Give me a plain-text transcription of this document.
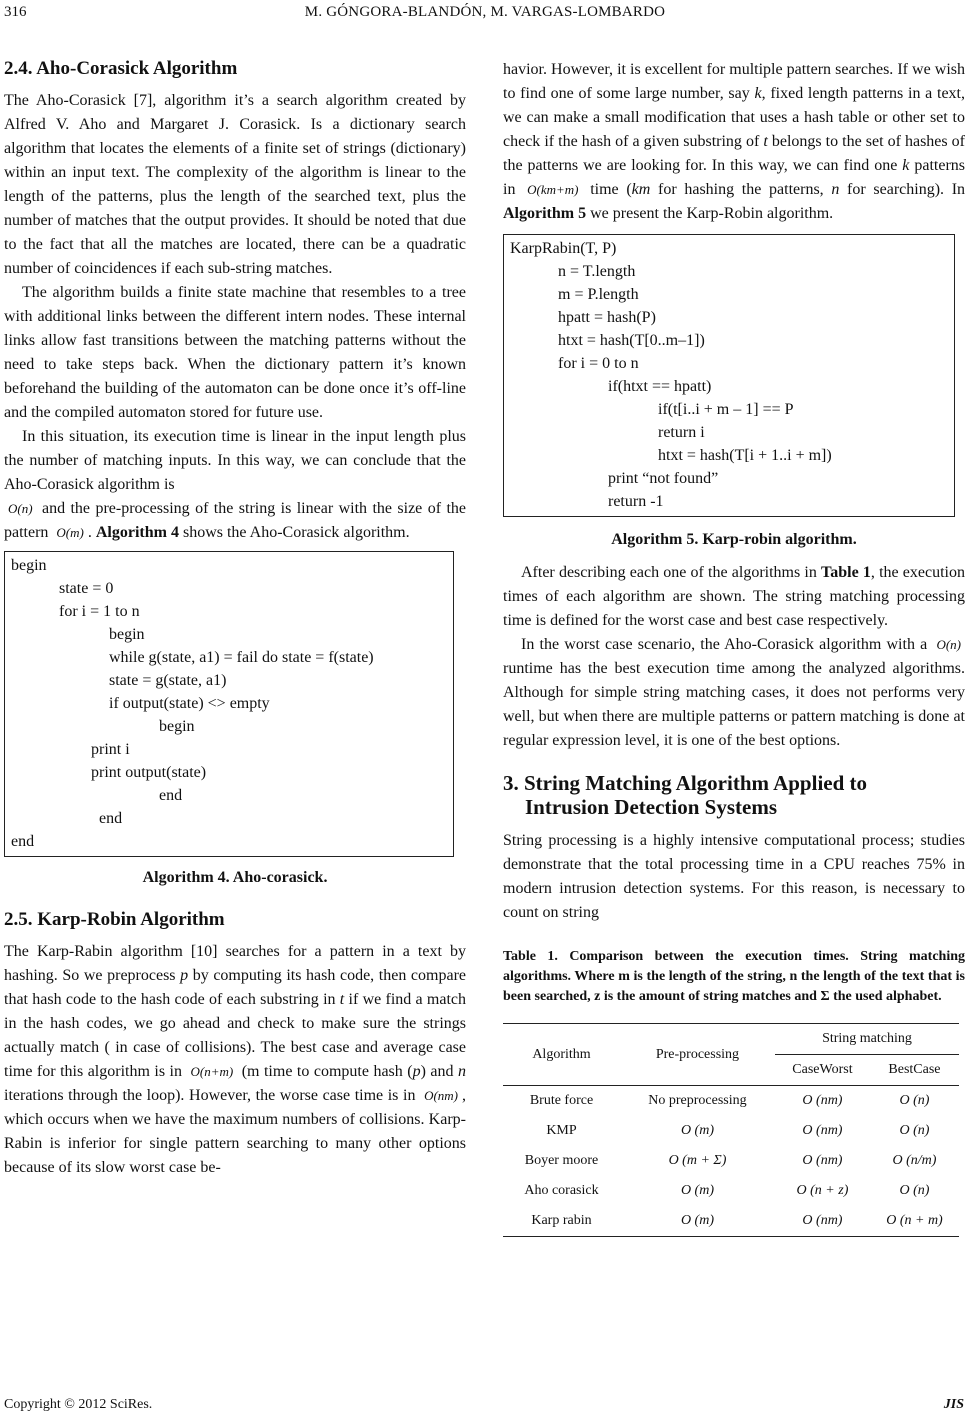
316	M. GÓNGORA-BLANDÓN, M. VARGAS-LOMBARDO
2.4. Aho-Corasick Algorithm

The Aho-Corasick [7], algorithm it’s a search algorithm created by Alfred V. Aho and Margaret J. Corasick. Is a dictionary search algorithm that locates the elements of a finite set of strings (dictionary) within an input text. The complexity of the algorithm is linear to the length of the patterns, plus the length of the searched text, plus the number of matches that the output provides. It should be noted that due to the fact that all the matches are located, there can be a quadratic number of coincidences if each sub-string matches.

The algorithm builds a finite state machine that resembles to a tree with additional links between the different intern nodes. These internal links allow fast transitions between the matching patterns without the need to take steps back. When the dictionary pattern it’s known beforehand the building of the automaton can be done once it’s off-line and the compiled automaton stored for future use.

In this situation, its execution time is linear in the input length plus the number of matching inputs. In this way, we can conclude that the Aho-Corasick algorithm is
O(n) and the pre-processing of the string is linear with the size of the pattern O(m) . Algorithm 4 shows the Aho-Corasick algorithm.

begin
state = 0
for i = 1 to n
begin
while g(state, a1) = fail do state = f(state)
state = g(state, a1)
if output(state) <> empty
begin
print i
print output(state)
end
end
end
Algorithm 4. Aho-corasick.
2.5. Karp-Robin Algorithm

The Karp-Rabin algorithm [10] searches for a pattern in a text by hashing. So we preprocess p by computing its hash code, then compare that hash code to the hash code of each substring in t if we find a match in the hash codes, we go ahead and check to make sure the strings actually match ( in case of collisions). The best case and average case time for this algorithm is in O(n+m) (m time to compute hash (p) and n iterations through the loop). However, the worse case time is in O(nm) , which occurs when we have the maximum numbers of collisions. Karp-Rabin is inferior for single pattern searching to many other options because of its slow worst case be-

havior. However, it is excellent for multiple pattern searches. If we wish to find one of some large number, say k, fixed length patterns in a text, we can make a small modification that uses a hash table or other set to check if the hash of a given substring of t belongs to the set of hashes of the patterns we are looking for. In this way, we can find one k patterns in O(km+m) time (km for hashing the patterns, n for searching). In Algorithm 5 we present the Karp-Robin algorithm.

KarpRabin(T, P)
n = T.length
m = P.length
hpatt = hash(P)
htxt = hash(T[0..m–1])
for i = 0 to n
if(htxt == hpatt)
if(t[i..i + m – 1] == P
return i
htxt = hash(T[i + 1..i + m])
print “not found”
return -1
Algorithm 5. Karp-robin algorithm.

After describing each one of the algorithms in Table 1, the execution times of each algorithm are shown. The string matching processing time is defined for the worst case and best case respectively.

In the worst case scenario, the Aho-Corasick algorithm with a O(n) runtime has the best execution time among the analyzed algorithms. Although for simple string matching cases, it does not performs very well, but when there are multiple patterns or pattern matching is done at regular expression level, it is one of the best options.

3. String Matching Algorithm Applied to
Intrusion Detection Systems

String processing is a highly intensive computational process; studies demonstrate that the total processing time in a CPU reaches 75% in modern intrusion detection systems. For this reason, is necessary to count on string

Table 1. Comparison between the execution times. String matching algorithms. Where m is the length of the string, n the length of the text that is been searched, z is the amount of string matches and Σ the used alphabet.
Algorithm	Pre-processing	String matching	
		CaseWorst	BestCase
Brute force	No preprocessing	O (nm)	O (n)
KMP	O (m)	O (nm)	O (n)
Boyer moore	O (m + Σ)	O (nm)	O (n/m)
Aho corasick	O (m)	O (n + z)	O (n)
Karp rabin	O (m)	O (nm)	O (n + m)
Copyright © 2012 SciRes.	JIS
